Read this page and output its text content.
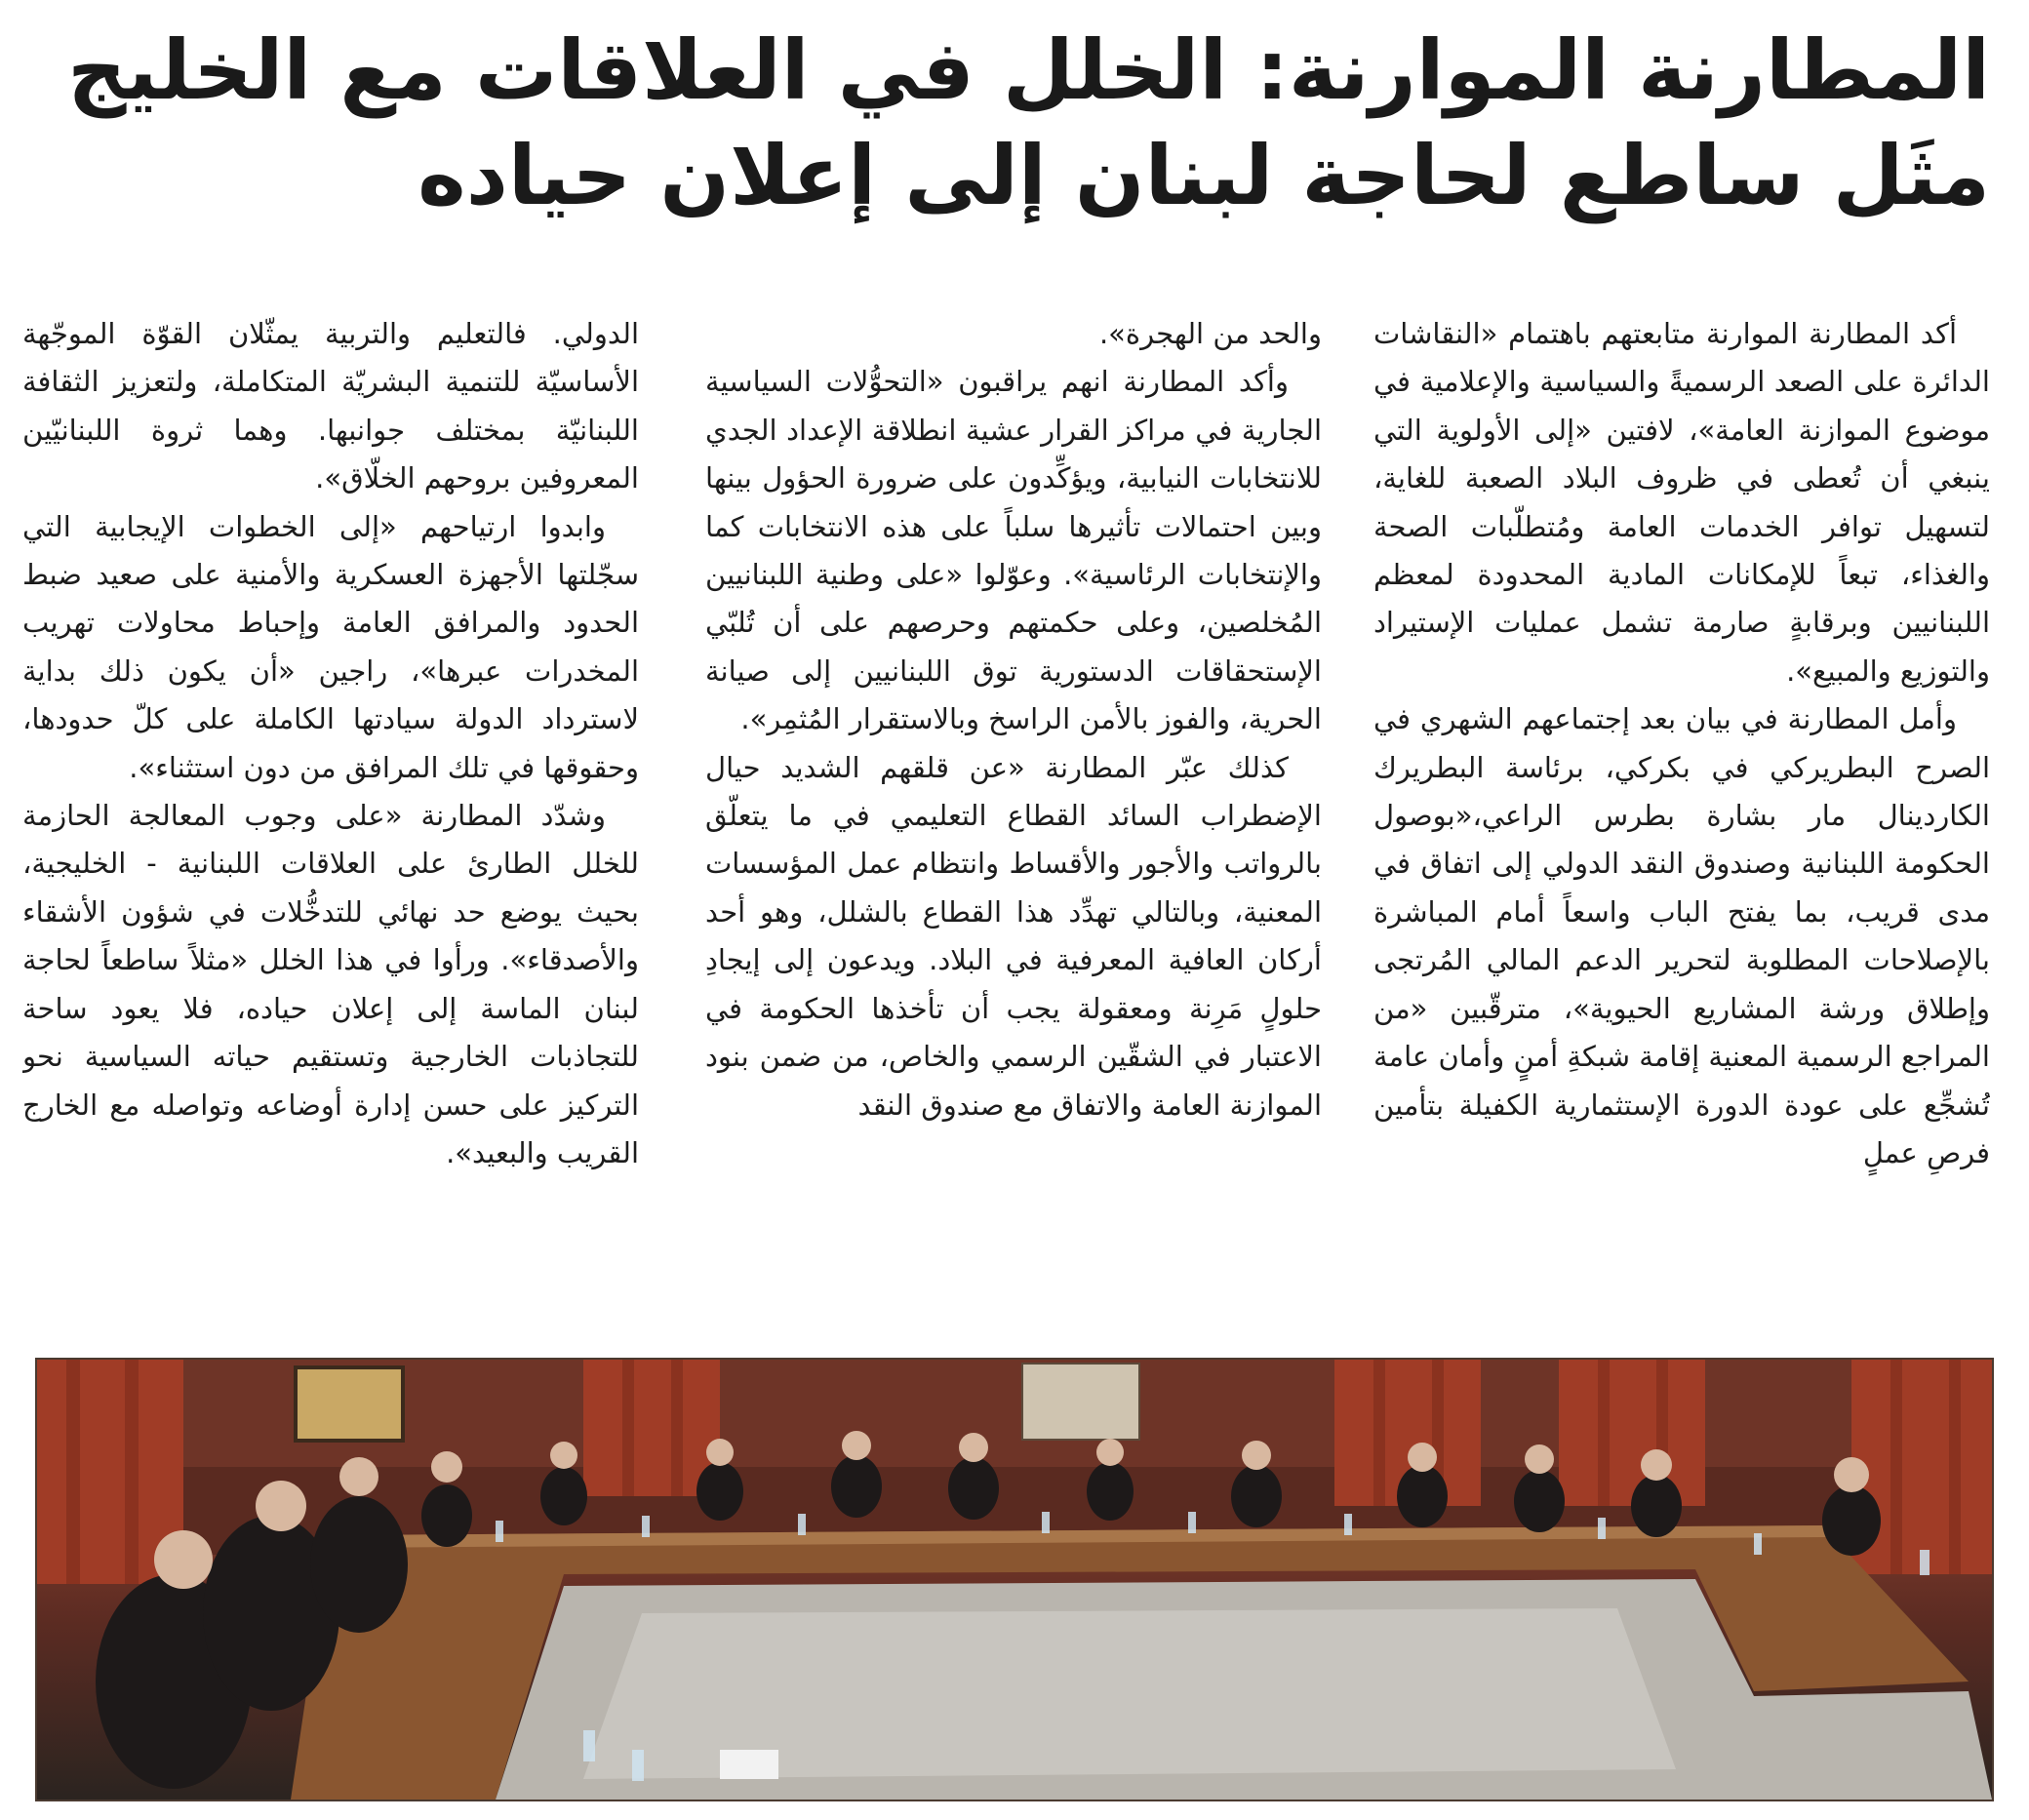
المطارنة الموارنة: الخلل في العلاقات مع الخليج
مثَل ساطع لحاجة لبنان إلى إعلان حياده

أكد المطارنة الموارنة متابعتهم باهتمام «النقاشات الدائرة على الصعد الرسميةً والسياسية والإعلامية في موضوع الموازنة العامة»، لافتين «إلى الأولوية التي ينبغي أن تُعطى في ظروف البلاد الصعبة للغاية، لتسهيل توافر الخدمات العامة ومُتطلّبات الصحة والغذاء، تبعاً للإمكانات المادية المحدودة لمعظم اللبنانيين وبرقابةٍ صارمة تشمل عمليات الإستيراد والتوزيع والمبيع».

وأمل المطارنة في بيان بعد إجتماعهم الشهري في الصرح البطريركي في بكركي، برئاسة البطريرك الكاردينال مار بشارة بطرس الراعي،«بوصول الحكومة اللبنانية وصندوق النقد الدولي إلى اتفاق في مدى قريب، بما يفتح الباب واسعاً أمام المباشرة بالإصلاحات المطلوبة لتحرير الدعم المالي المُرتجى وإطلاق ورشة المشاريع الحيوية»، مترقّبين «من المراجع الرسمية المعنية إقامة شبكةِ أمنٍ وأمان عامة تُشجِّع على عودة الدورة الإستثمارية الكفيلة بتأمين فرصِ عملٍ

والحد من الهجرة».

وأكد المطارنة انهم يراقبون «التحوُّلات السياسية الجارية في مراكز القرار عشية انطلاقة الإعداد الجدي للانتخابات النيابية، ويؤكِّدون على ضرورة الحؤول بينها وبين احتمالات تأثيرها سلباً على هذه الانتخابات كما والإنتخابات الرئاسية». وعوّلوا «على وطنية اللبنانيين المُخلصين، وعلى حكمتهم وحرصهم على أن تُلبّي الإستحقاقات الدستورية توق اللبنانيين إلى صيانة الحرية، والفوز بالأمن الراسخ وبالاستقرار المُثمِر».

كذلك عبّر المطارنة «عن قلقهم الشديد حيال الإضطراب السائد القطاع التعليمي في ما يتعلّق بالرواتب والأجور والأقساط وانتظام عمل المؤسسات المعنية، وبالتالي تهدِّد هذا القطاع بالشلل، وهو أحد أركان العافية المعرفية في البلاد. ويدعون إلى إيجادِ حلولٍ مَرِنة ومعقولة يجب أن تأخذها الحكومة في الاعتبار في الشقّين الرسمي والخاص، من ضمن بنود الموازنة العامة والاتفاق مع صندوق النقد

الدولي. فالتعليم والتربية يمثّلان القوّة الموجّهة الأساسيّة للتنمية البشريّة المتكاملة، ولتعزيز الثقافة اللبنانيّة بمختلف جوانبها. وهما ثروة اللبنانيّين المعروفين بروحهم الخلّاق».

وابدوا ارتياحهم «إلى الخطوات الإيجابية التي سجّلتها الأجهزة العسكرية والأمنية على صعيد ضبط الحدود والمرافق العامة وإحباط محاولات تهريب المخدرات عبرها»، راجين «أن يكون ذلك بداية لاسترداد الدولة سيادتها الكاملة على كلّ حدودها، وحقوقها في تلك المرافق من دون استثناء».

وشدّد المطارنة «على وجوب المعالجة الحازمة للخلل الطارئ على العلاقات اللبنانية - الخليجية، بحيث يوضع حد نهائي للتدخُّلات في شؤون الأشقاء والأصدقاء». ورأوا في هذا الخلل «مثلاً ساطعاً لحاجة لبنان الماسة إلى إعلان حياده، فلا يعود ساحة للتجاذبات الخارجية وتستقيم حياته السياسية نحو التركيز على حسن إدارة أوضاعه وتواصله مع الخارج القريب والبعيد».
